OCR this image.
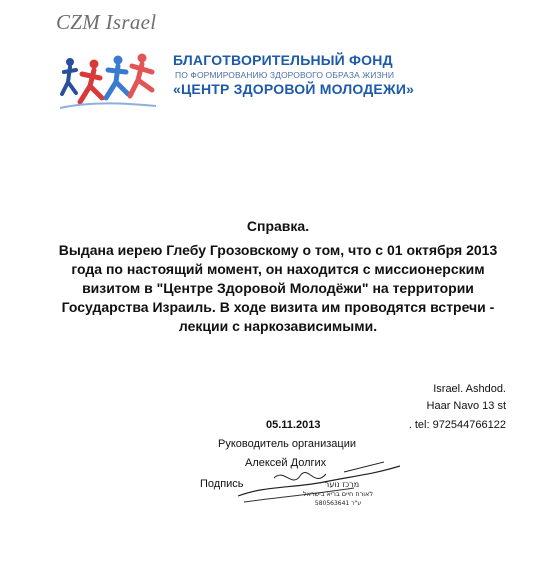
CZM Israel
БЛАГОТВОРИТЕЛЬНЫЙ ФОНД
ПО ФОРМИРОВАНИЮ ЗДОРОВОГО ОБРАЗА ЖИЗНИ
«ЦЕНТР ЗДОРОВОЙ МОЛОДЕЖИ»
Справка.
Выдана иерею Глебу Грозовскому о том, что с 01 октября 2013 года по настоящий момент, он находится с миссионерским визитом в "Центре Здоровой Молодёжи" на территории Государства Израиль. В ходе визита им проводятся встречи - лекции с наркозависимыми.
Israel. Ashdod.
Haar Navo 13 st
. tel: 972544766122
05.11.2013
Руководитель организации
Алексей Долгих
Подпись	מרכז נוער
לאורח חיים בריא בישראל
ע"ר 580563641
